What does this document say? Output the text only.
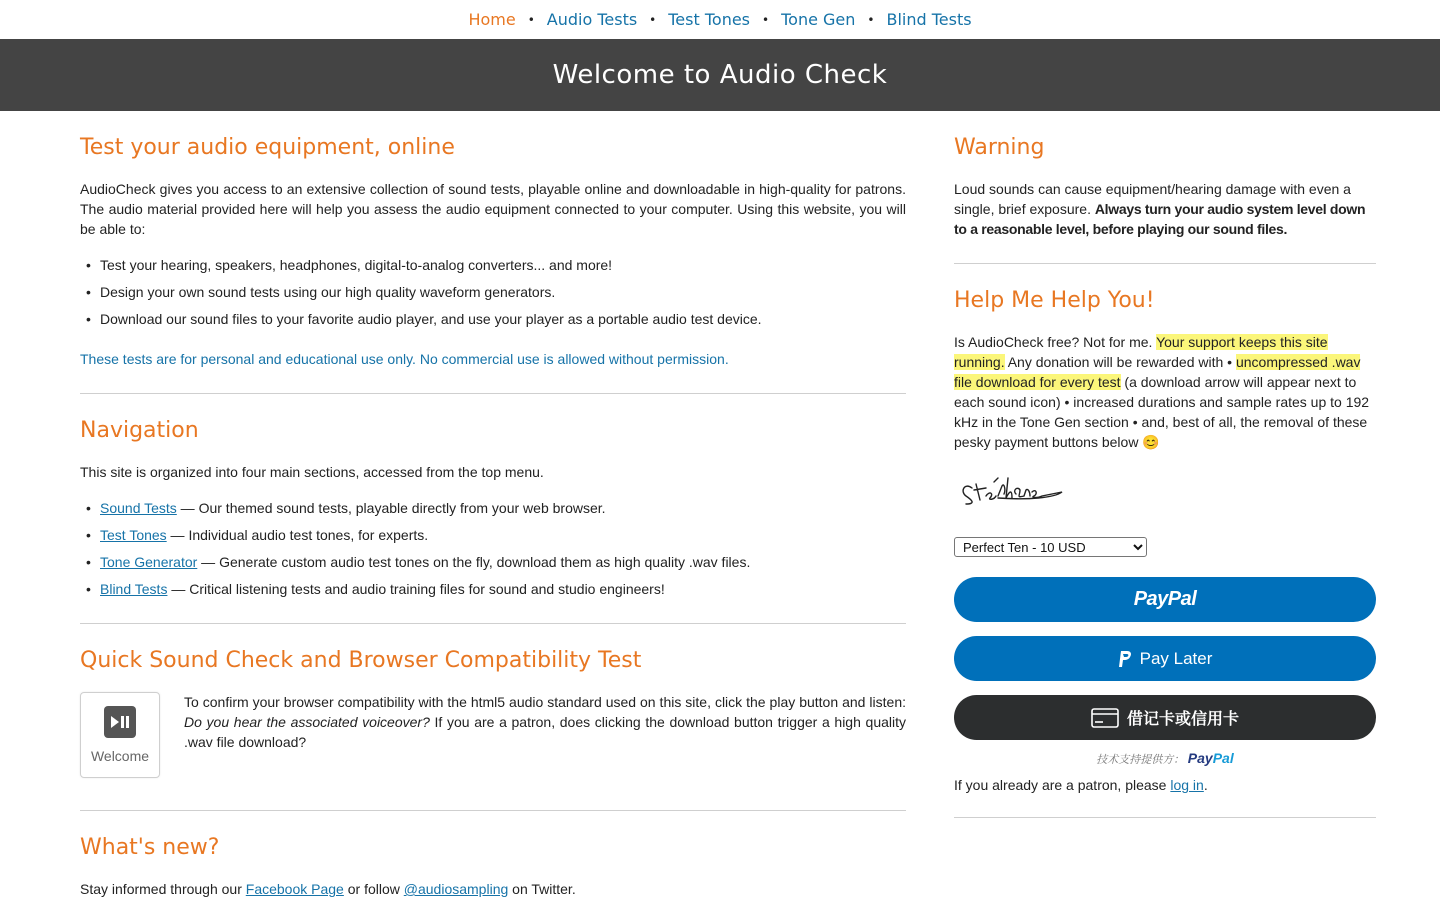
Home	• Audio Tests	• Test Tones	• Tone Gen	• Blind Tests
Welcome to Audio Check
Test your audio equipment, online

AudioCheck gives you access to an extensive collection of sound tests, playable online and downloadable in high-quality for patrons. The audio material provided here will help you assess the audio equipment connected to your computer. Using this website, you will be able to:

• Test your hearing, speakers, headphones, digital-to-analog converters... and more!
• Design your own sound tests using our high quality waveform generators.
• Download our sound files to your favorite audio player, and use your player as a portable audio test device.

These tests are for personal and educational use only. No commercial use is allowed without permission.

Navigation

This site is organized into four main sections, accessed from the top menu.

• Sound Tests — Our themed sound tests, playable directly from your web browser.
• Test Tones — Individual audio test tones, for experts.
• Tone Generator — Generate custom audio test tones on the fly, download them as high quality .wav files.
• Blind Tests — Critical listening tests and audio training files for sound and studio engineers!
Quick Sound Check and Browser Compatibility Test
Welcome
To confirm your browser compatibility with the html5 audio standard used on this site, click the play button and listen: Do you hear the associated voiceover? If you are a patron, does clicking the download button trigger a high quality .wav file download?
What's new?

Stay informed through our Facebook Page or follow @audiosampling on Twitter.

Warning

Loud sounds can cause equipment/hearing damage with even a single, brief exposure. Always turn your audio system level down to a reasonable level, before playing our sound files.

Help Me Help You!

Is AudioCheck free? Not for me. Your support keeps this site running. Any donation will be rewarded with • uncompressed .wav file download for every test (a download arrow will appear next to each sound icon) • increased durations and sample rates up to 192 kHz in the Tone Gen section • and, best of all, the removal of these pesky payment buttons below 😊

Perfect Ten - 10 USD
PayPal
Pay Later
借记卡或信用卡
技术支持提供方： PayPal

If you already are a patron, please log in.
